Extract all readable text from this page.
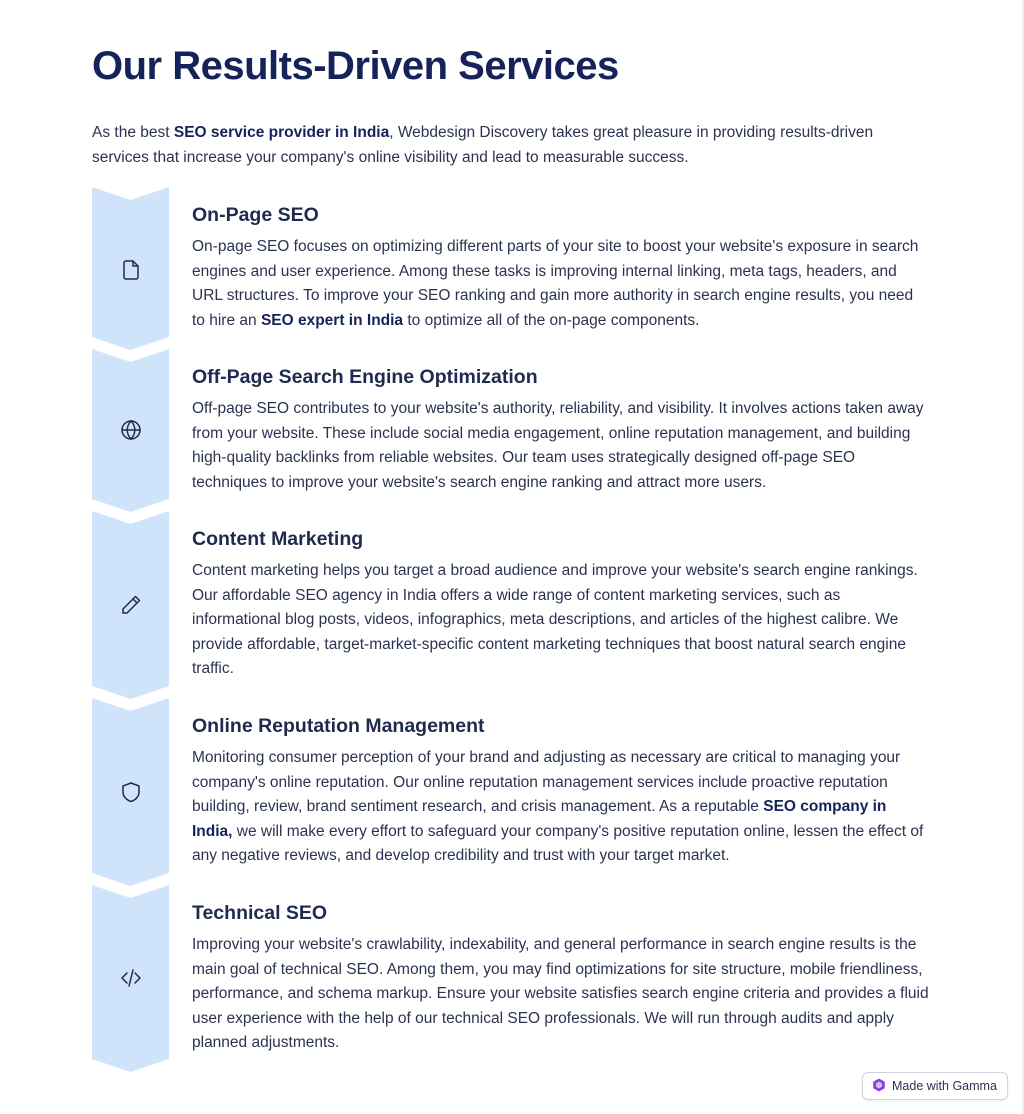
Our Results-Driven Services

As the best SEO service provider in India, Webdesign Discovery takes great pleasure in providing results-driven services that increase your company's online visibility and lead to measurable success.

On-Page SEO

On-page SEO focuses on optimizing different parts of your site to boost your website's exposure in search engines and user experience. Among these tasks is improving internal linking, meta tags, headers, and URL structures. To improve your SEO ranking and gain more authority in search engine results, you need to hire an SEO expert in India to optimize all of the on-page components.

Off-Page Search Engine Optimization

Off-page SEO contributes to your website's authority, reliability, and visibility. It involves actions taken away from your website. These include social media engagement, online reputation management, and building high-quality backlinks from reliable websites. Our team uses strategically designed off-page SEO techniques to improve your website's search engine ranking and attract more users.

Content Marketing

Content marketing helps you target a broad audience and improve your website's search engine rankings. Our affordable SEO agency in India offers a wide range of content marketing services, such as informational blog posts, videos, infographics, meta descriptions, and articles of the highest calibre. We provide affordable, target-market-specific content marketing techniques that boost natural search engine traffic.

Online Reputation Management

Monitoring consumer perception of your brand and adjusting as necessary are critical to managing your company's online reputation. Our online reputation management services include proactive reputation building, review, brand sentiment research, and crisis management. As a reputable SEO company in India, we will make every effort to safeguard your company's positive reputation online, lessen the effect of any negative reviews, and develop credibility and trust with your target market.

Technical SEO

Improving your website's crawlability, indexability, and general performance in search engine results is the main goal of technical SEO. Among them, you may find optimizations for site structure, mobile friendliness, performance, and schema markup. Ensure your website satisfies search engine criteria and provides a fluid user experience with the help of our technical SEO professionals. We will run through audits and apply planned adjustments.

Made with Gamma
